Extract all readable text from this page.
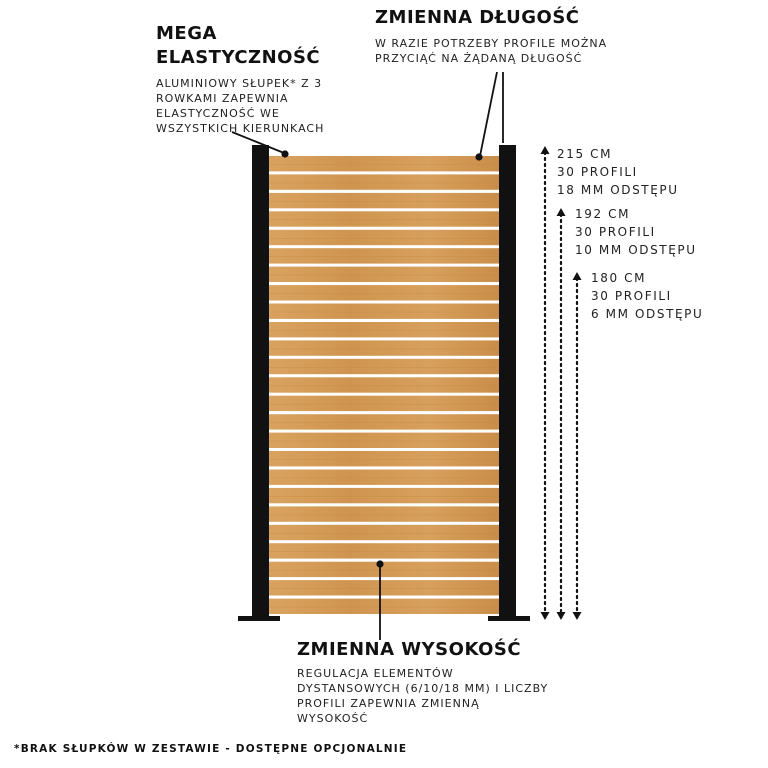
MEGA
ELASTYCZNOŚĆ
ALUMINIOWY SŁUPEK* Z 3
ROWKAMI ZAPEWNIA
ELASTYCZNOŚĆ WE
WSZYSTKICH KIERUNKACH
ZMIENNA DŁUGOŚĆ
W RAZIE POTRZEBY PROFILE MOŻNA
PRZYCIĄĆ NA ŻĄDANĄ DŁUGOŚĆ
215 CM
30 PROFILI
18 MM ODSTĘPU
192 CM
30 PROFILI
10 MM ODSTĘPU
180 CM
30 PROFILI
6 MM ODSTĘPU
ZMIENNA WYSOKOŚĆ
REGULACJA ELEMENTÓW
DYSTANSOWYCH (6/10/18 MM) I LICZBY
PROFILI ZAPEWNIA ZMIENNĄ
WYSOKOŚĆ
*BRAK SŁUPKÓW W ZESTAWIE - DOSTĘPNE OPCJONALNIE
